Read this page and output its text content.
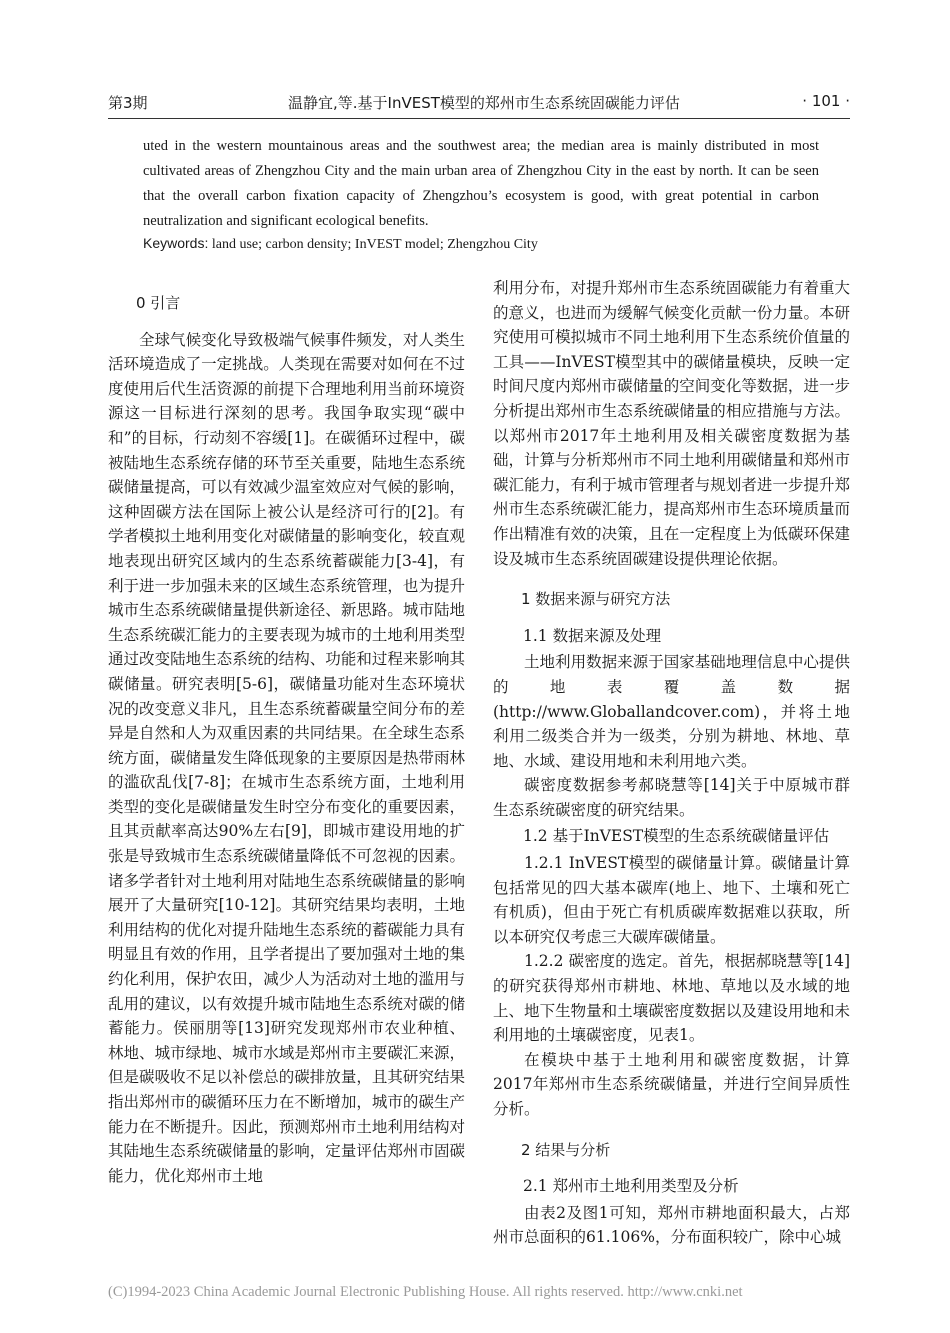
第3期	温静宜,等.基于InVEST模型的郑州市生态系统固碳能力评估	· 101 ·

uted in the western mountainous areas and the southwest area; the median area is mainly distributed in most cultivated areas of Zhengzhou City and the main urban area of Zhengzhou City in the east by north. It can be seen that the overall carbon fixation capacity of Zhengzhou’s ecosystem is good, with great potential in carbon neutralization and significant ecological benefits.

Keywords: land use; carbon density; InVEST model; Zhengzhou City
0 引言

全球气候变化导致极端气候事件频发，对人类生活环境造成了一定挑战。人类现在需要对如何在不过度使用后代生活资源的前提下合理地利用当前环境资源这一目标进行深刻的思考。我国争取实现“碳中和”的目标，行动刻不容缓[1]。在碳循环过程中，碳被陆地生态系统存储的环节至关重要，陆地生态系统碳储量提高，可以有效减少温室效应对气候的影响，这种固碳方法在国际上被公认是经济可行的[2]。有学者模拟土地利用变化对碳储量的影响变化，较直观地表现出研究区域内的生态系统蓄碳能力[3-4]，有利于进一步加强未来的区域生态系统管理，也为提升城市生态系统碳储量提供新途径、新思路。城市陆地生态系统碳汇能力的主要表现为城市的土地利用类型通过改变陆地生态系统的结构、功能和过程来影响其碳储量。研究表明[5-6]，碳储量功能对生态环境状况的改变意义非凡，且生态系统蓄碳量空间分布的差异是自然和人为双重因素的共同结果。在全球生态系统方面，碳储量发生降低现象的主要原因是热带雨林的滥砍乱伐[7-8]；在城市生态系统方面，土地利用类型的变化是碳储量发生时空分布变化的重要因素，且其贡献率高达90%左右[9]，即城市建设用地的扩张是导致城市生态系统碳储量降低不可忽视的因素。诸多学者针对土地利用对陆地生态系统碳储量的影响展开了大量研究[10-12]。其研究结果均表明，土地利用结构的优化对提升陆地生态系统的蓄碳能力具有明显且有效的作用，且学者提出了要加强对土地的集约化利用，保护农田，减少人为活动对土地的滥用与乱用的建议，以有效提升城市陆地生态系统对碳的储蓄能力。侯丽朋等[13]研究发现郑州市农业种植、林地、城市绿地、城市水域是郑州市主要碳汇来源，但是碳吸收不足以补偿总的碳排放量，且其研究结果指出郑州市的碳循环压力在不断增加，城市的碳生产能力在不断提升。因此，预测郑州市土地利用结构对其陆地生态系统碳储量的影响，定量评估郑州市固碳能力，优化郑州市土地

利用分布，对提升郑州市生态系统固碳能力有着重大的意义，也进而为缓解气候变化贡献一份力量。本研究使用可模拟城市不同土地利用下生态系统价值量的工具——InVEST模型其中的碳储量模块，反映一定时间尺度内郑州市碳储量的空间变化等数据，进一步分析提出郑州市生态系统碳储量的相应措施与方法。以郑州市2017年土地利用及相关碳密度数据为基础，计算与分析郑州市不同土地利用碳储量和郑州市碳汇能力，有利于城市管理者与规划者进一步提升郑州市生态系统碳汇能力，提高郑州市生态环境质量而作出精准有效的决策，且在一定程度上为低碳环保建设及城市生态系统固碳建设提供理论依据。

1 数据来源与研究方法
1.1 数据来源及处理

土地利用数据来源于国家基础地理信息中心提供的地表覆盖数据(http://www.Globallandcover.com)，并将土地利用二级类合并为一级类，分别为耕地、林地、草地、水域、建设用地和未利用地六类。

碳密度数据参考郝晓慧等[14]关于中原城市群生态系统碳密度的研究结果。

1.2 基于InVEST模型的生态系统碳储量评估

1.2.1 InVEST模型的碳储量计算。碳储量计算包括常见的四大基本碳库(地上、地下、土壤和死亡有机质)，但由于死亡有机质碳库数据难以获取，所以本研究仅考虑三大碳库碳储量。

1.2.2 碳密度的选定。首先，根据郝晓慧等[14]的研究获得郑州市耕地、林地、草地以及水域的地上、地下生物量和土壤碳密度数据以及建设用地和未利用地的土壤碳密度，见表1。

在模块中基于土地利用和碳密度数据，计算2017年郑州市生态系统碳储量，并进行空间异质性分析。

2 结果与分析
2.1 郑州市土地利用类型及分析

由表2及图1可知，郑州市耕地面积最大，占郑州市总面积的61.106%，分布面积较广，除中心城

(C)1994-2023 China Academic Journal Electronic Publishing House. All rights reserved. http://www.cnki.net
